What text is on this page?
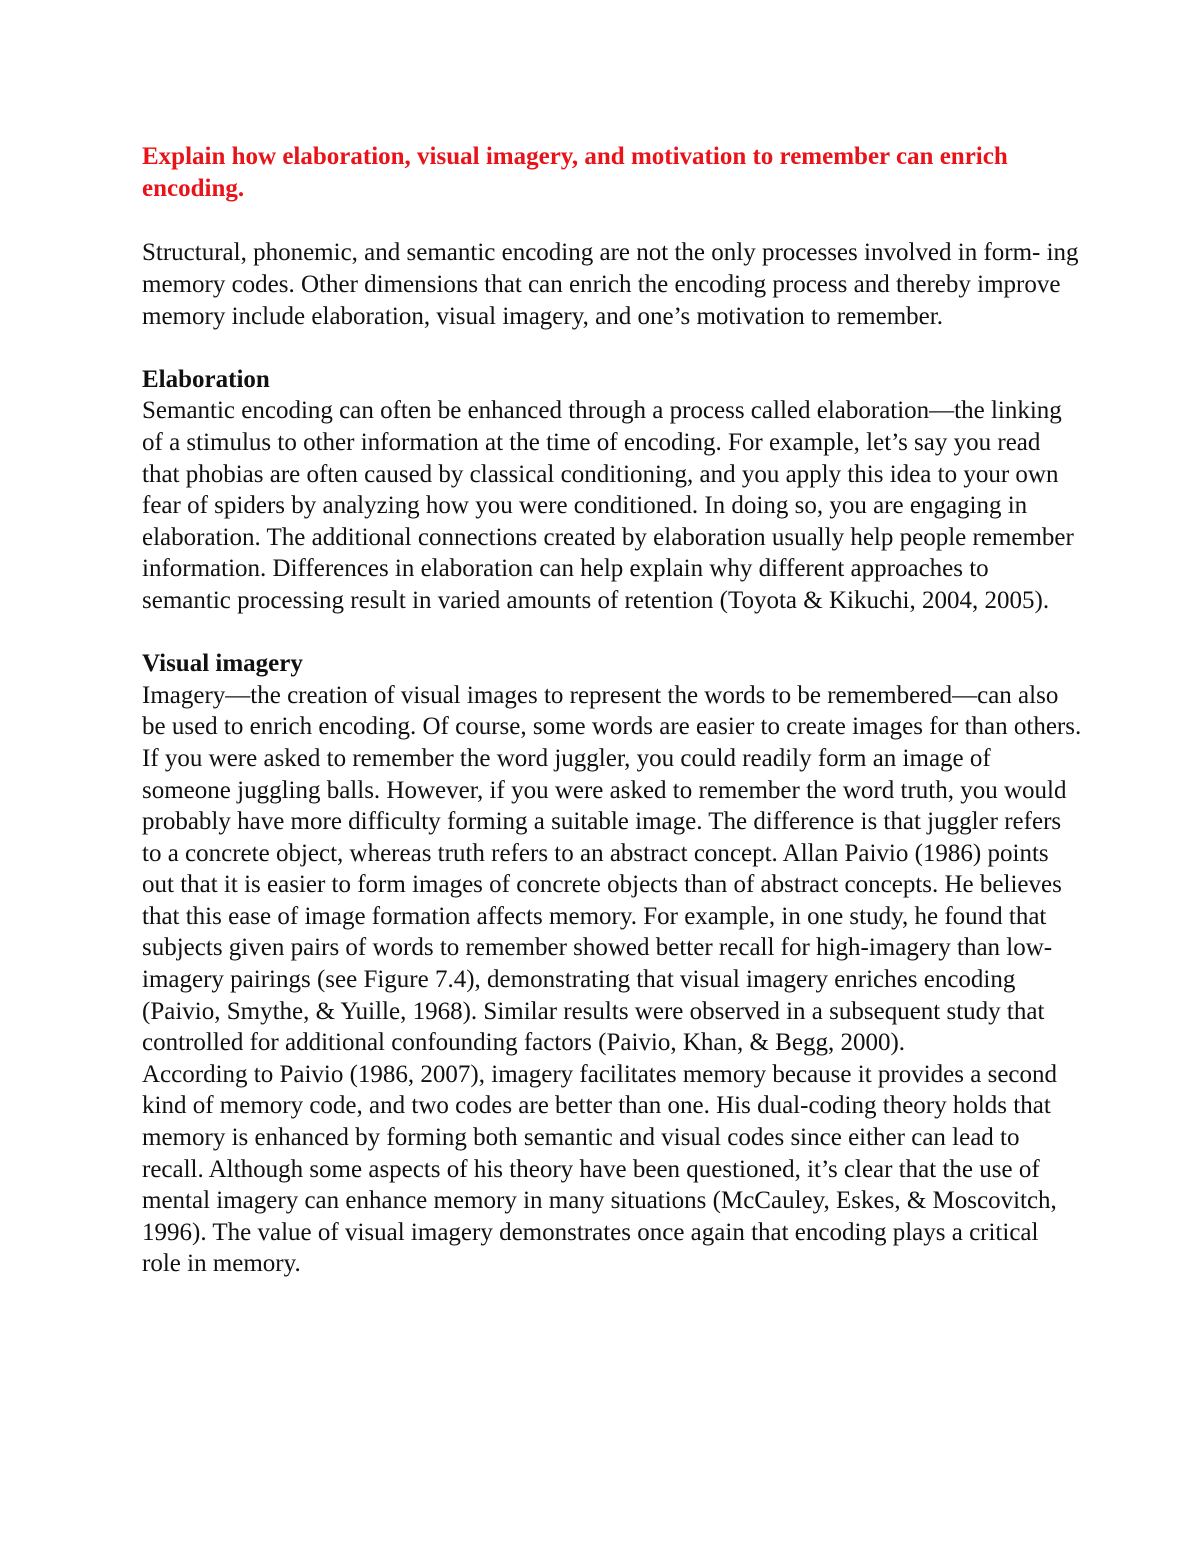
Explain how elaboration, visual imagery, and motivation to remember can enrich encoding.

Structural, phonemic, and semantic encoding are not the only processes involved in form- ing memory codes. Other dimensions that can enrich the encoding process and thereby improve memory include elaboration, visual imagery, and one’s motivation to remember.

Elaboration

Semantic encoding can often be enhanced through a process called elaboration—the linking of a stimulus to other information at the time of encoding. For example, let’s say you read that phobias are often caused by classical conditioning, and you apply this idea to your own fear of spiders by analyzing how you were conditioned. In doing so, you are engaging in elaboration. The additional connections created by elaboration usually help people remember information. Differences in elaboration can help explain why different approaches to semantic processing result in varied amounts of retention (Toyota & Kikuchi, 2004, 2005).

Visual imagery

Imagery—the creation of visual images to represent the words to be remembered—can also be used to enrich encoding. Of course, some words are easier to create images for than others. If you were asked to remember the word juggler, you could readily form an image of someone juggling balls. However, if you were asked to remember the word truth, you would probably have more difficulty forming a suitable image. The difference is that juggler refers to a concrete object, whereas truth refers to an abstract concept. Allan Paivio (1986) points out that it is easier to form images of concrete objects than of abstract concepts. He believes that this ease of image formation affects memory. For example, in one study, he found that subjects given pairs of words to remember showed better recall for high-imagery than low-imagery pairings (see Figure 7.4), demonstrating that visual imagery enriches encoding (Paivio, Smythe, & Yuille, 1968). Similar results were observed in a subsequent study that controlled for additional confounding factors (Paivio, Khan, & Begg, 2000).

According to Paivio (1986, 2007), imagery facilitates memory because it provides a second kind of memory code, and two codes are better than one. His dual-coding theory holds that memory is enhanced by forming both semantic and visual codes since either can lead to recall. Although some aspects of his theory have been questioned, it’s clear that the use of mental imagery can enhance memory in many situations (McCauley, Eskes, & Moscovitch, 1996). The value of visual imagery demonstrates once again that encoding plays a critical role in memory.
